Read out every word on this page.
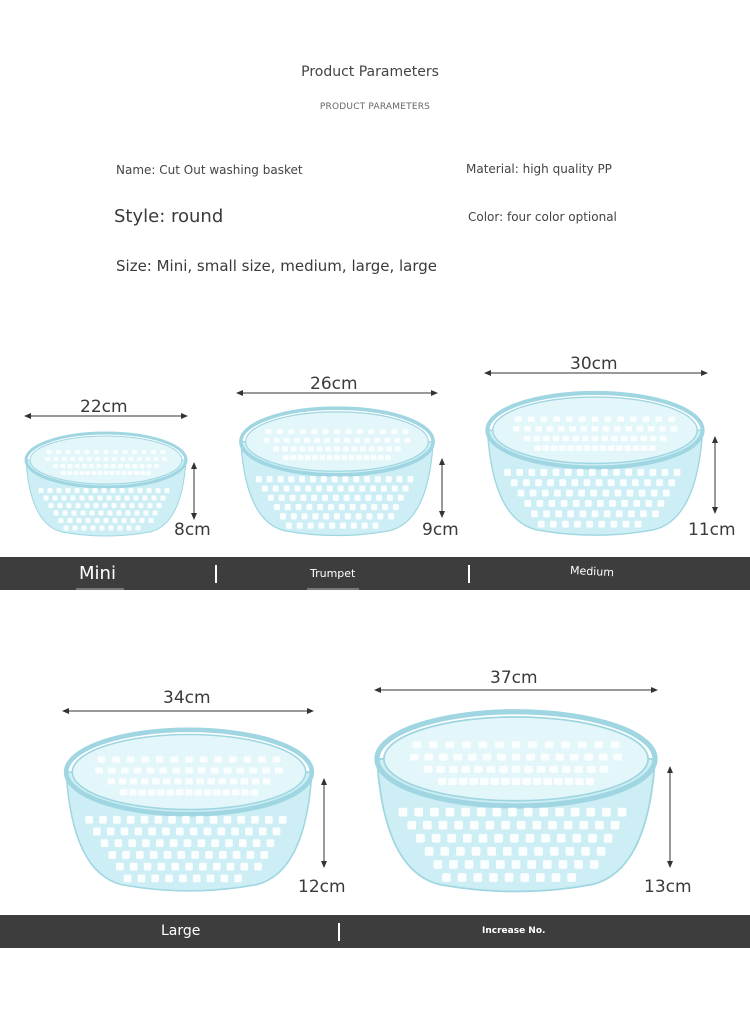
Product Parameters
PRODUCT PARAMETERS
Name: Cut Out washing basket	Material: high quality PP
Style: round	Color: four color optional
Size: Mini, small size, medium, large, large
22cm
8cm
26cm
9cm
30cm
11cm
Mini	Trumpet	Medium
34cm
12cm
37cm
13cm
Large	Increase No.
